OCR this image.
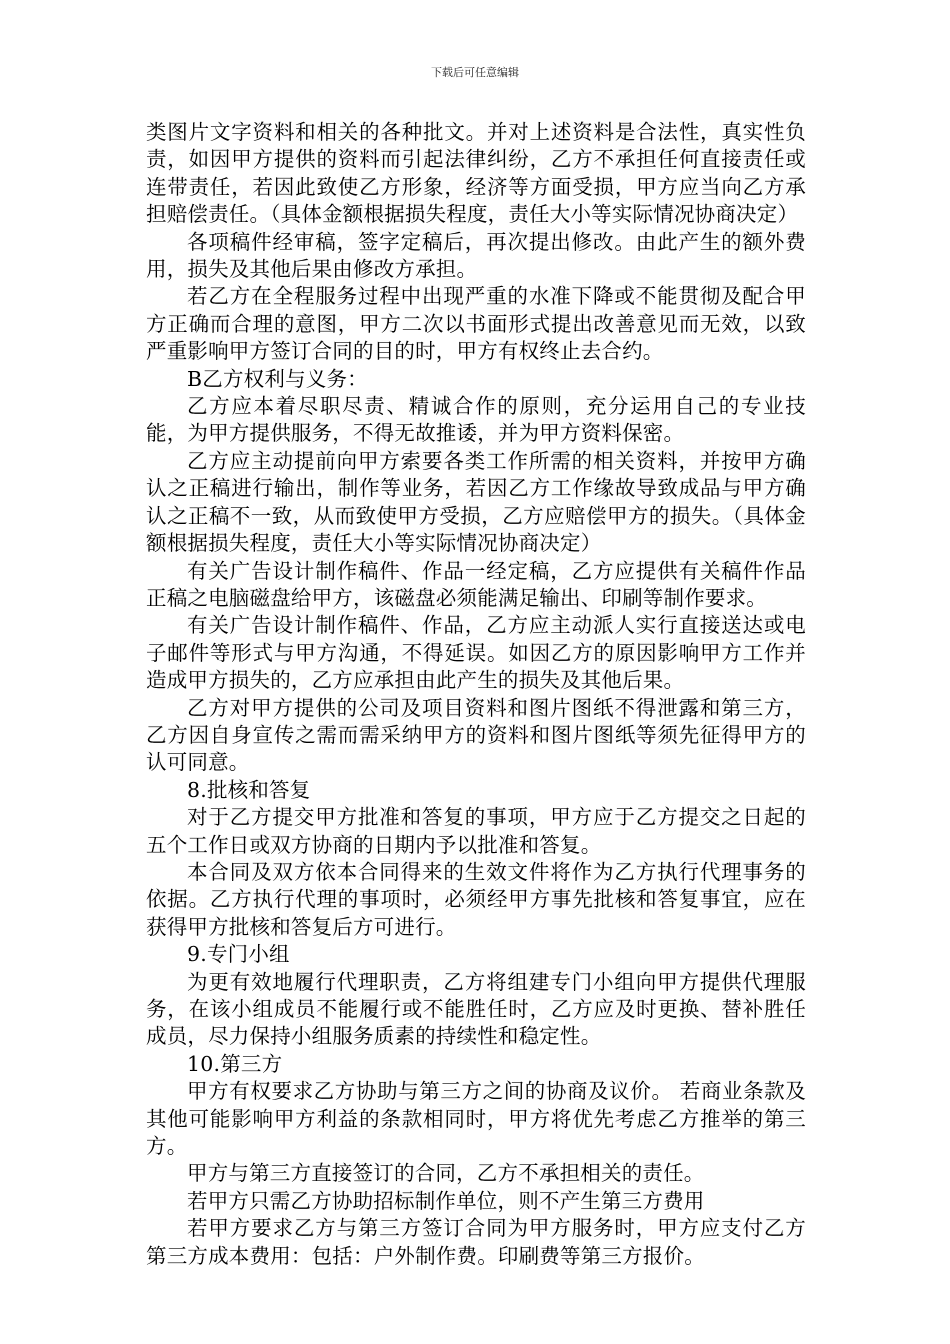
下载后可任意编辑

类图片文字资料和相关的各种批文。并对上述资料是合法性，真实性负责，如因甲方提供的资料而引起法律纠纷，乙方不承担任何直接责任或连带责任，若因此致使乙方形象，经济等方面受损，甲方应当向乙方承担赔偿责任。（具体金额根据损失程度，责任大小等实际情况协商决定）

各项稿件经审稿，签字定稿后，再次提出修改。由此产生的额外费用，损失及其他后果由修改方承担。

若乙方在全程服务过程中出现严重的水准下降或不能贯彻及配合甲方正确而合理的意图，甲方二次以书面形式提出改善意见而无效，以致严重影响甲方签订合同的目的时，甲方有权终止去合约。

B乙方权利与义务：

乙方应本着尽职尽责、精诚合作的原则，充分运用自己的专业技能，为甲方提供服务，不得无故推诿，并为甲方资料保密。

乙方应主动提前向甲方索要各类工作所需的相关资料，并按甲方确认之正稿进行输出，制作等业务，若因乙方工作缘故导致成品与甲方确认之正稿不一致，从而致使甲方受损，乙方应赔偿甲方的损失。（具体金额根据损失程度，责任大小等实际情况协商决定）

有关广告设计制作稿件、作品一经定稿，乙方应提供有关稿件作品正稿之电脑磁盘给甲方，该磁盘必须能满足输出、印刷等制作要求。

有关广告设计制作稿件、作品，乙方应主动派人实行直接送达或电子邮件等形式与甲方沟通，不得延误。如因乙方的原因影响甲方工作并造成甲方损失的，乙方应承担由此产生的损失及其他后果。

乙方对甲方提供的公司及项目资料和图片图纸不得泄露和第三方，乙方因自身宣传之需而需采纳甲方的资料和图片图纸等须先征得甲方的认可同意。

8.批核和答复

对于乙方提交甲方批准和答复的事项，甲方应于乙方提交之日起的五个工作日或双方协商的日期内予以批准和答复。

本合同及双方依本合同得来的生效文件将作为乙方执行代理事务的依据。乙方执行代理的事项时，必须经甲方事先批核和答复事宜，应在获得甲方批核和答复后方可进行。

9.专门小组

为更有效地履行代理职责，乙方将组建专门小组向甲方提供代理服务，在该小组成员不能履行或不能胜任时，乙方应及时更换、替补胜任成员，尽力保持小组服务质素的持续性和稳定性。

10.第三方

甲方有权要求乙方协助与第三方之间的协商及议价。 若商业条款及其他可能影响甲方利益的条款相同时，甲方将优先考虑乙方推举的第三方。

甲方与第三方直接签订的合同，乙方不承担相关的责任。

若甲方只需乙方协助招标制作单位，则不产生第三方费用

若甲方要求乙方与第三方签订合同为甲方服务时，甲方应支付乙方第三方成本费用：包括：户外制作费。印刷费等第三方报价。
